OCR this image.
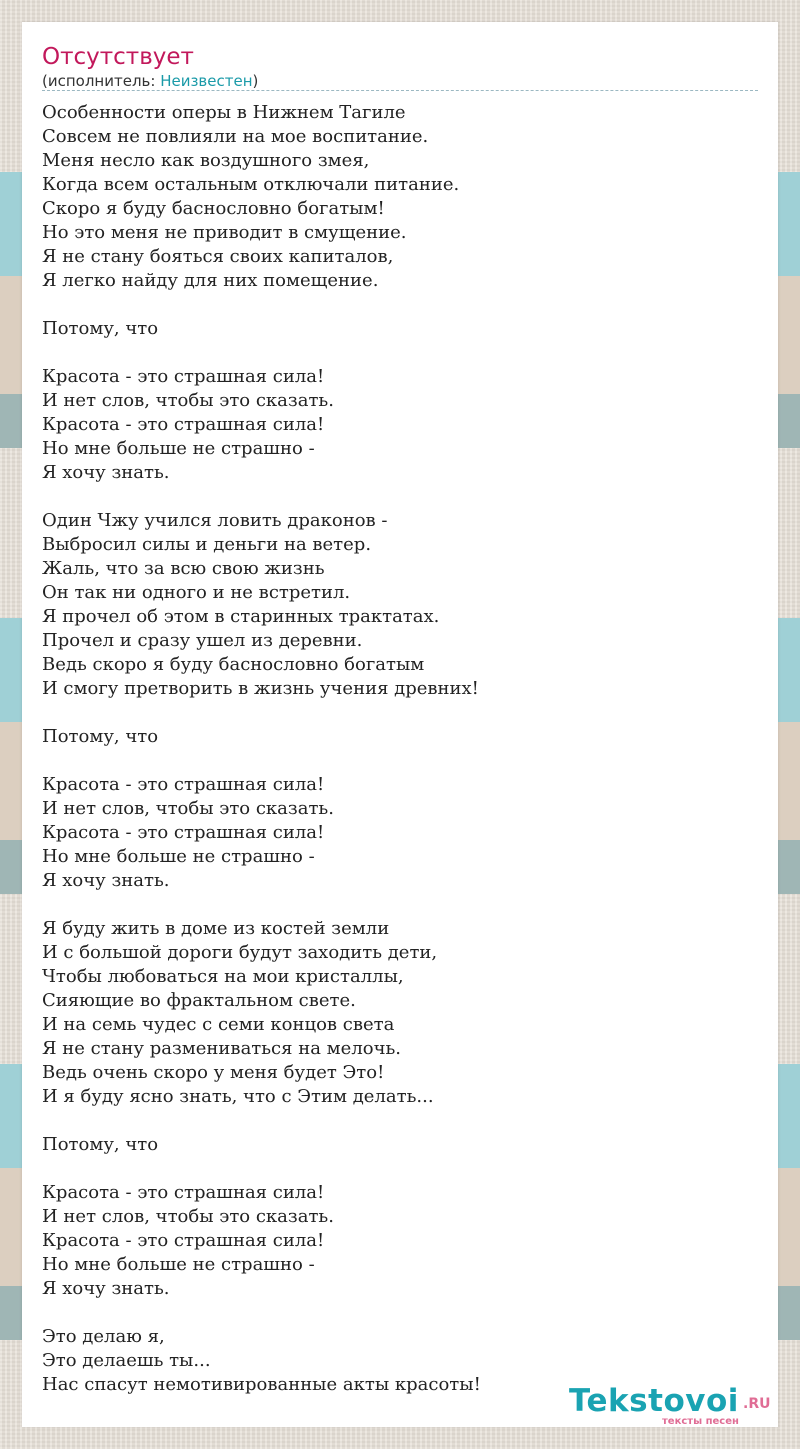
Отсутствует
(исполнитель: Неизвестен)
Особенности оперы в Нижнем Тагиле
Совсем не повлияли на мое воспитание.
Меня несло как воздушного змея,
Когда всем остальным отключали питание.
Скоро я буду баснословно богатым!
Но это меня не приводит в смущение.
Я не стану бояться своих капиталов,
Я легко найду для них помещение.
Потому, что
Красота - это страшная сила!
И нет слов, чтобы это сказать.
Красота - это страшная сила!
Но мне больше не страшно -
Я хочу знать.
Один Чжу учился ловить драконов -
Выбросил силы и деньги на ветер.
Жаль, что за всю свою жизнь
Он так ни одного и не встретил.
Я прочел об этом в старинных трактатах.
Прочел и сразу ушел из деревни.
Ведь скоро я буду баснословно богатым
И смогу претворить в жизнь учения древних!
Потому, что
Красота - это страшная сила!
И нет слов, чтобы это сказать.
Красота - это страшная сила!
Но мне больше не страшно -
Я хочу знать.
Я буду жить в доме из костей земли
И с большой дороги будут заходить дети,
Чтобы любоваться на мои кристаллы,
Сияющие во фрактальном свете.
И на семь чудес с семи концов света
Я не стану размениваться на мелочь.
Ведь очень скоро у меня будет Это!
И я буду ясно знать, что с Этим делать...
Потому, что
Красота - это страшная сила!
И нет слов, чтобы это сказать.
Красота - это страшная сила!
Но мне больше не страшно -
Я хочу знать.
Это делаю я,
Это делаешь ты...
Нас спасут немотивированные акты красоты!	Tekstovoi .RU
тексты песен
